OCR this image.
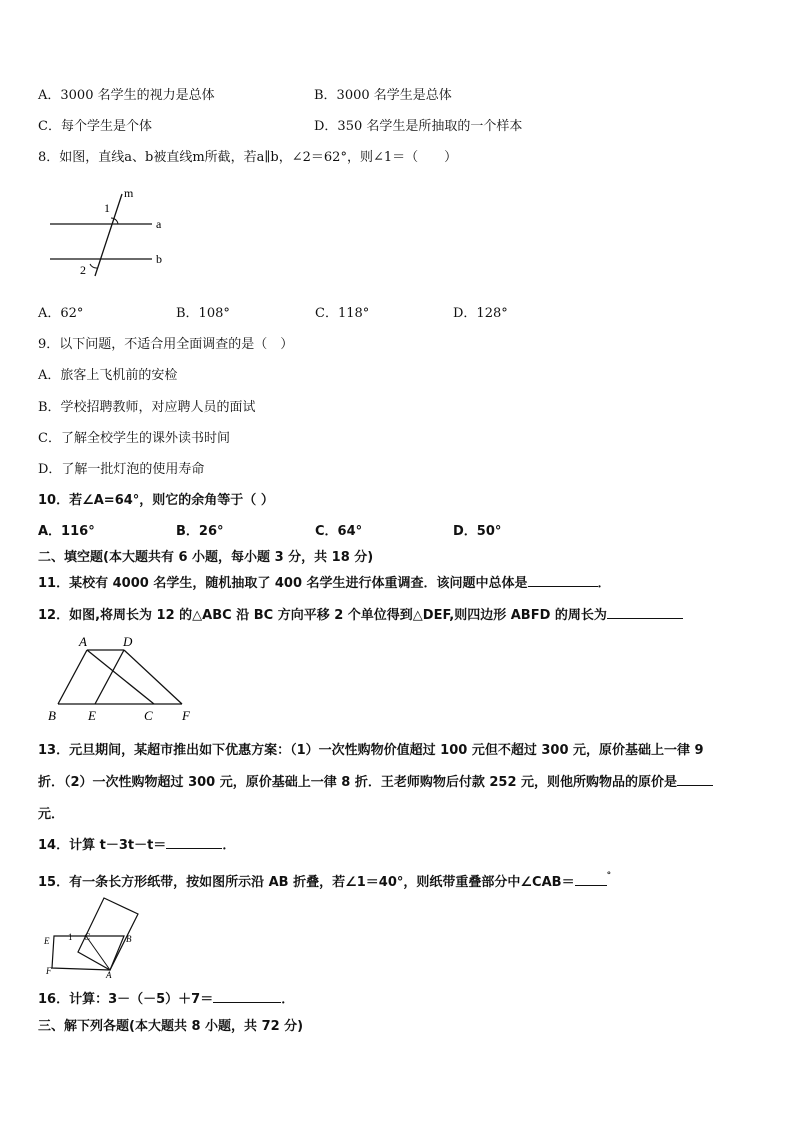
A．3000 名学生的视力是总体	B．3000 名学生是总体
C．每个学生是个体	D．350 名学生是所抽取的一个样本
8．如图，直线a、b被直线m所截，若a∥b，∠2＝62°，则∠1＝（　　）
m
a
b
1
2
A．62°	B．108°	C．118°	D．128°
9．以下问题，不适合用全面调查的是（　）
A．旅客上飞机前的安检
B．学校招聘教师，对应聘人员的面试
C．了解全校学生的课外读书时间
D．了解一批灯泡的使用寿命
10．若∠A=64°，则它的余角等于（ ）
A．116°	B．26°	C．64°	D．50°
二、填空题(本大题共有 6 小题，每小题 3 分，共 18 分)
11．某校有 4000 名学生，随机抽取了 400 名学生进行体重调查．该问题中总体是	．
12．如图,将周长为 12 的△ABC 沿 BC 方向平移 2 个单位得到△DEF,则四边形 ABFD 的周长为
A	D
B E	C F
13．元旦期间，某超市推出如下优惠方案：（1）一次性购物价值超过 100 元但不超过 300 元，原价基础上一律 9
折．（2）一次性购物超过 300 元，原价基础上一律 8 折．王老师购物后付款 252 元，则他所购物品的原价是
元．
14．计算 t－3t－t＝	．
15．有一条长方形纸带，按如图所示沿 AB 折叠，若∠1＝40°，则纸带重叠部分中∠CAB＝	°
E 1 C	B
F	A
16．计算：3－（－5）＋7＝	．
三、解下列各题(本大题共 8 小题，共 72 分)
